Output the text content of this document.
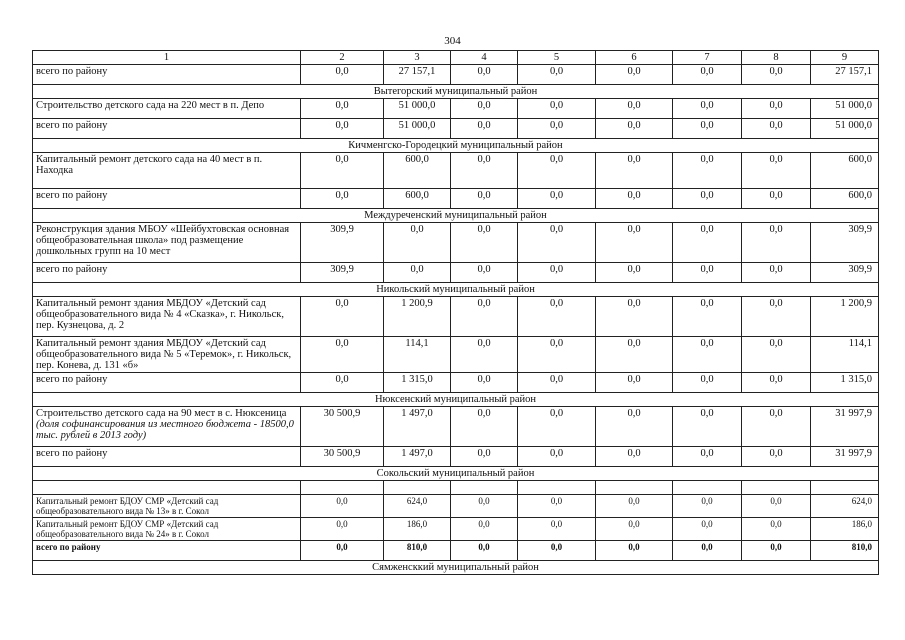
304
1	2	3	4	5	6	7	8	9
всего по району	0,0	27 157,1	0,0	0,0	0,0	0,0	0,0	27 157,1
Вытегорский муниципальный район								
Строительство детского сада на 220 мест в п. Депо	0,0	51 000,0	0,0	0,0	0,0	0,0	0,0	51 000,0
всего по району	0,0	51 000,0	0,0	0,0	0,0	0,0	0,0	51 000,0
Кичменгско-Городецкий муниципальный район								
Капитальный ремонт детского сада на 40 мест в п. Находка	0,0	600,0	0,0	0,0	0,0	0,0	0,0	600,0
всего по району	0,0	600,0	0,0	0,0	0,0	0,0	0,0	600,0
Междуреченский муниципальный район								
Реконструкция здания МБОУ «Шейбухтовская основная общеобразовательная школа» под размещение дошкольных групп на 10 мест	309,9	0,0	0,0	0,0	0,0	0,0	0,0	309,9
всего по району	309,9	0,0	0,0	0,0	0,0	0,0	0,0	309,9
Никольский муниципальный район								
Капитальный ремонт здания МБДОУ «Детский сад общеобразовательного вида № 4 «Сказка», г. Никольск, пер. Кузнецова, д. 2	0,0	1 200,9	0,0	0,0	0,0	0,0	0,0	1 200,9
Капитальный ремонт здания МБДОУ «Детский сад общеобразовательного вида № 5 «Теремок», г. Никольск, пер. Конева, д. 131 «б»	0,0	114,1	0,0	0,0	0,0	0,0	0,0	114,1
всего по району	0,0	1 315,0	0,0	0,0	0,0	0,0	0,0	1 315,0
Нюксенский муниципальный район								
Строительство детского сада на 90 мест в с. Нюксеница (доля софинансирования из местного бюджета - 18500,0 тыс. рублей в 2013 году)	30 500,9	1 497,0	0,0	0,0	0,0	0,0	0,0	31 997,9
всего по району	30 500,9	1 497,0	0,0	0,0	0,0	0,0	0,0	31 997,9
Сокольский муниципальный район								

Капитальный ремонт БДОУ СМР «Детский сад общеобразовательного вида № 13» в г. Сокол	0,0	624,0	0,0	0,0	0,0	0,0	0,0	624,0
Капитальный ремонт БДОУ СМР «Детский сад общеобразовательного вида № 24» в г. Сокол	0,0	186,0	0,0	0,0	0,0	0,0	0,0	186,0
всего по району	0,0	810,0	0,0	0,0	0,0	0,0	0,0	810,0
Сямженсккий муниципальный район								
